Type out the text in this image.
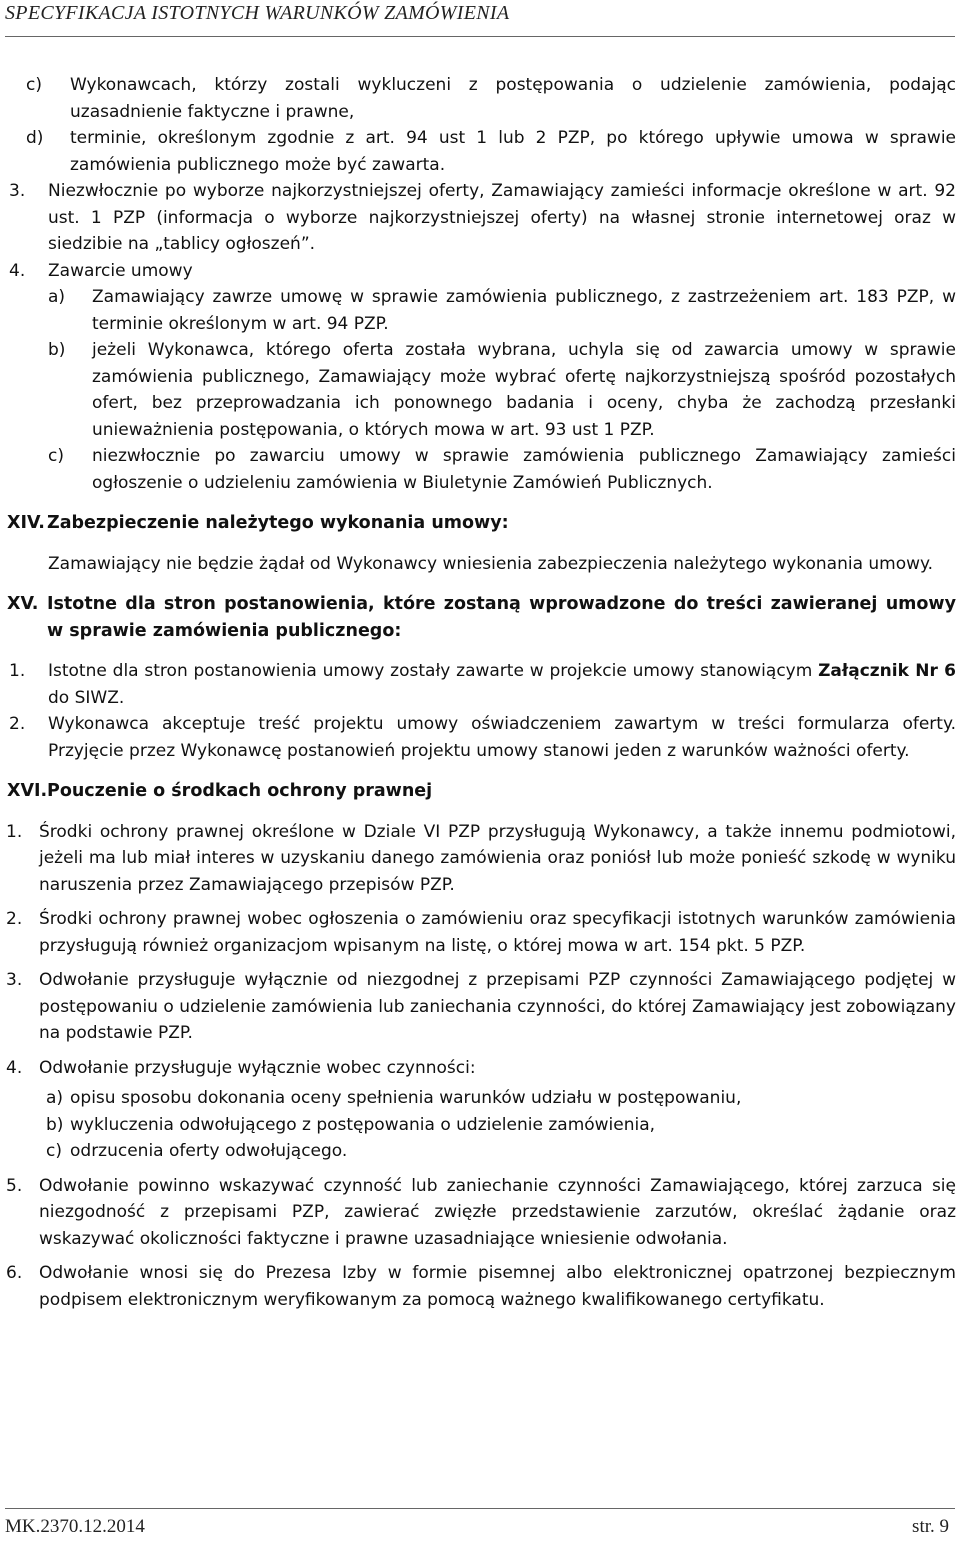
SPECYFIKACJA ISTOTNYCH WARUNKÓW ZAMÓWIENIA
c) Wykonawcach, którzy zostali wykluczeni z postępowania o udzielenie zamówienia, podając uzasadnienie faktyczne i prawne,
d) terminie, określonym zgodnie z art. 94 ust 1 lub 2 PZP, po którego upływie umowa w sprawie zamówienia publicznego może być zawarta.
3. Niezwłocznie po wyborze najkorzystniejszej oferty, Zamawiający zamieści informacje określone w art. 92 ust. 1 PZP (informacja o wyborze najkorzystniejszej oferty) na własnej stronie internetowej oraz w siedzibie na „tablicy ogłoszeń”.
4. Zawarcie umowy
a) Zamawiający zawrze umowę w sprawie zamówienia publicznego, z zastrzeżeniem art. 183 PZP, w terminie określonym w art. 94 PZP.
b) jeżeli Wykonawca, którego oferta została wybrana, uchyla się od zawarcia umowy w sprawie zamówienia publicznego, Zamawiający może wybrać ofertę najkorzystniejszą spośród pozostałych ofert, bez przeprowadzania ich ponownego badania i oceny, chyba że zachodzą przesłanki unieważnienia postępowania, o których mowa w art. 93 ust 1 PZP.
c) niezwłocznie po zawarciu umowy w sprawie zamówienia publicznego Zamawiający zamieści ogłoszenie o udzieleniu zamówienia w Biuletynie Zamówień Publicznych.
XIV. Zabezpieczenie należytego wykonania umowy:
Zamawiający nie będzie żądał od Wykonawcy wniesienia zabezpieczenia należytego wykonania umowy.
XV. Istotne dla stron postanowienia, które zostaną wprowadzone do treści zawieranej umowy w sprawie zamówienia publicznego:
1. Istotne dla stron postanowienia umowy zostały zawarte w projekcie umowy stanowiącym Załącznik Nr 6 do SIWZ.
2. Wykonawca akceptuje treść projektu umowy oświadczeniem zawartym w treści formularza oferty. Przyjęcie przez Wykonawcę postanowień projektu umowy stanowi jeden z warunków ważności oferty.
XVI. Pouczenie o środkach ochrony prawnej
1. Środki ochrony prawnej określone w Dziale VI PZP przysługują Wykonawcy, a także innemu podmiotowi, jeżeli ma lub miał interes w uzyskaniu danego zamówienia oraz poniósł lub może ponieść szkodę w wyniku naruszenia przez Zamawiającego przepisów PZP.
2. Środki ochrony prawnej wobec ogłoszenia o zamówieniu oraz specyfikacji istotnych warunków zamówienia przysługują również organizacjom wpisanym na listę, o której mowa w art. 154 pkt. 5 PZP.
3. Odwołanie przysługuje wyłącznie od niezgodnej z przepisami PZP czynności Zamawiającego podjętej w postępowaniu o udzielenie zamówienia lub zaniechania czynności, do której Zamawiający jest zobowiązany na podstawie PZP.
4. Odwołanie przysługuje wyłącznie wobec czynności:
a) opisu sposobu dokonania oceny spełnienia warunków udziału w postępowaniu,
b) wykluczenia odwołującego z postępowania o udzielenie zamówienia,
c) odrzucenia oferty odwołującego.
5. Odwołanie powinno wskazywać czynność lub zaniechanie czynności Zamawiającego, której zarzuca się niezgodność z przepisami PZP, zawierać zwięzłe przedstawienie zarzutów, określać żądanie oraz wskazywać okoliczności faktyczne i prawne uzasadniające wniesienie odwołania.
6. Odwołanie wnosi się do Prezesa Izby w formie pisemnej albo elektronicznej opatrzonej bezpiecznym podpisem elektronicznym weryfikowanym za pomocą ważnego kwalifikowanego certyfikatu.
MK.2370.12.2014	str. 9
